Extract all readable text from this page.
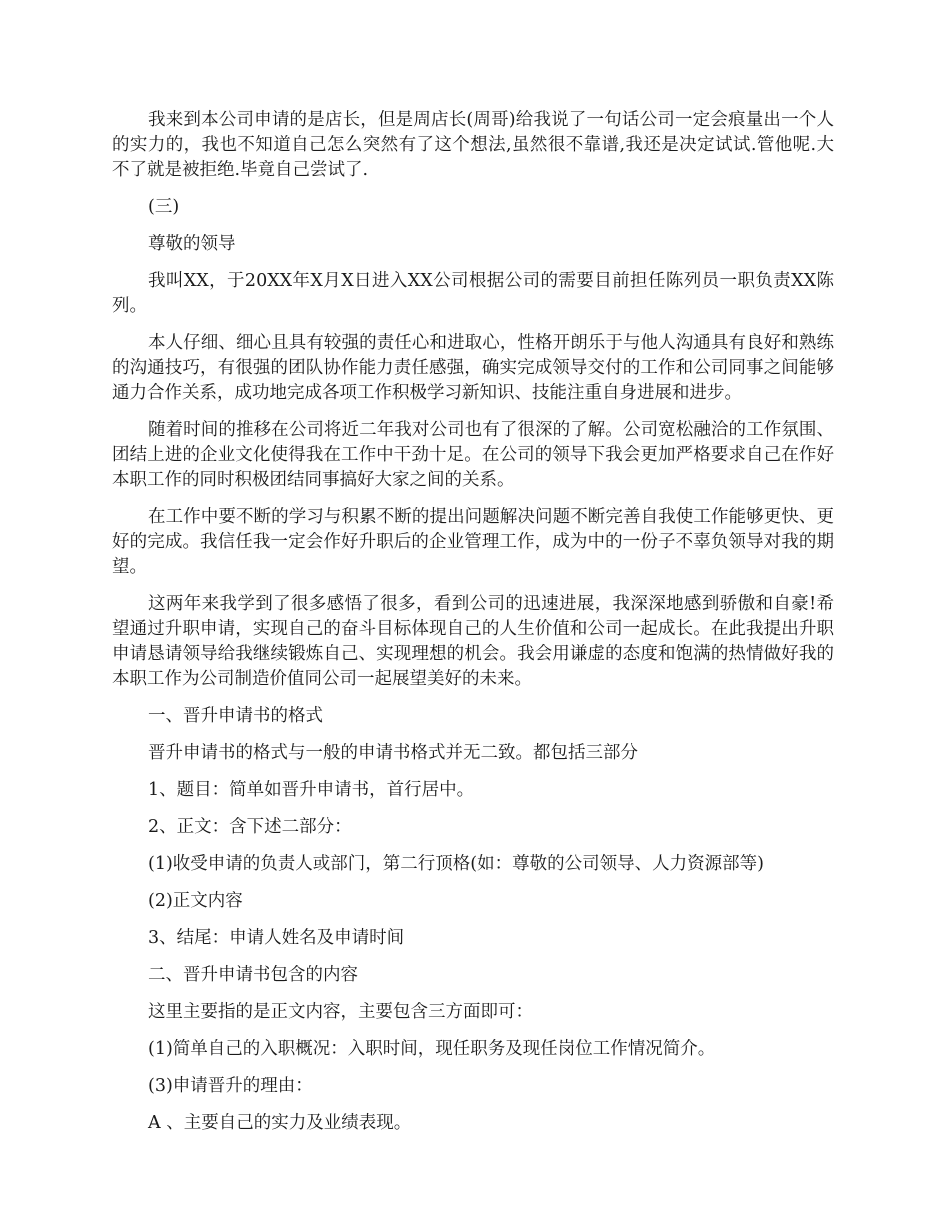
我来到本公司申请的是店长，但是周店长(周哥)给我说了一句话公司一定会痕量出一个人的实力的，我也不知道自己怎么突然有了这个想法,虽然很不靠谱,我还是决定试试.管他呢.大不了就是被拒绝.毕竟自己尝试了.

(三)

尊敬的领导

我叫XX，于20XX年X月X日进入XX公司根据公司的需要目前担任陈列员一职负责XX陈列。

本人仔细、细心且具有较强的责任心和进取心，性格开朗乐于与他人沟通具有良好和熟练的沟通技巧，有很强的团队协作能力责任感强，确实完成领导交付的工作和公司同事之间能够通力合作关系，成功地完成各项工作积极学习新知识、技能注重自身进展和进步。

随着时间的推移在公司将近二年我对公司也有了很深的了解。公司宽松融洽的工作氛围、团结上进的企业文化使得我在工作中干劲十足。在公司的领导下我会更加严格要求自己在作好本职工作的同时积极团结同事搞好大家之间的关系。

在工作中要不断的学习与积累不断的提出问题解决问题不断完善自我使工作能够更快、更好的完成。我信任我一定会作好升职后的企业管理工作，成为中的一份子不辜负领导对我的期望。

这两年来我学到了很多感悟了很多，看到公司的迅速进展，我深深地感到骄傲和自豪!希望通过升职申请，实现自己的奋斗目标体现自己的人生价值和公司一起成长。在此我提出升职申请恳请领导给我继续锻炼自己、实现理想的机会。我会用谦虚的态度和饱满的热情做好我的本职工作为公司制造价值同公司一起展望美好的未来。

一、晋升申请书的格式

晋升申请书的格式与一般的申请书格式并无二致。都包括三部分

1、题目：简单如晋升申请书，首行居中。

2、正文：含下述二部分：

(1)收受申请的负责人或部门，第二行顶格(如：尊敬的公司领导、人力资源部等)

(2)正文内容

3、结尾：申请人姓名及申请时间

二、晋升申请书包含的内容

这里主要指的是正文内容，主要包含三方面即可：

(1)简单自己的入职概况：入职时间，现任职务及现任岗位工作情况简介。

(3)申请晋升的理由：

A 、主要自己的实力及业绩表现。
